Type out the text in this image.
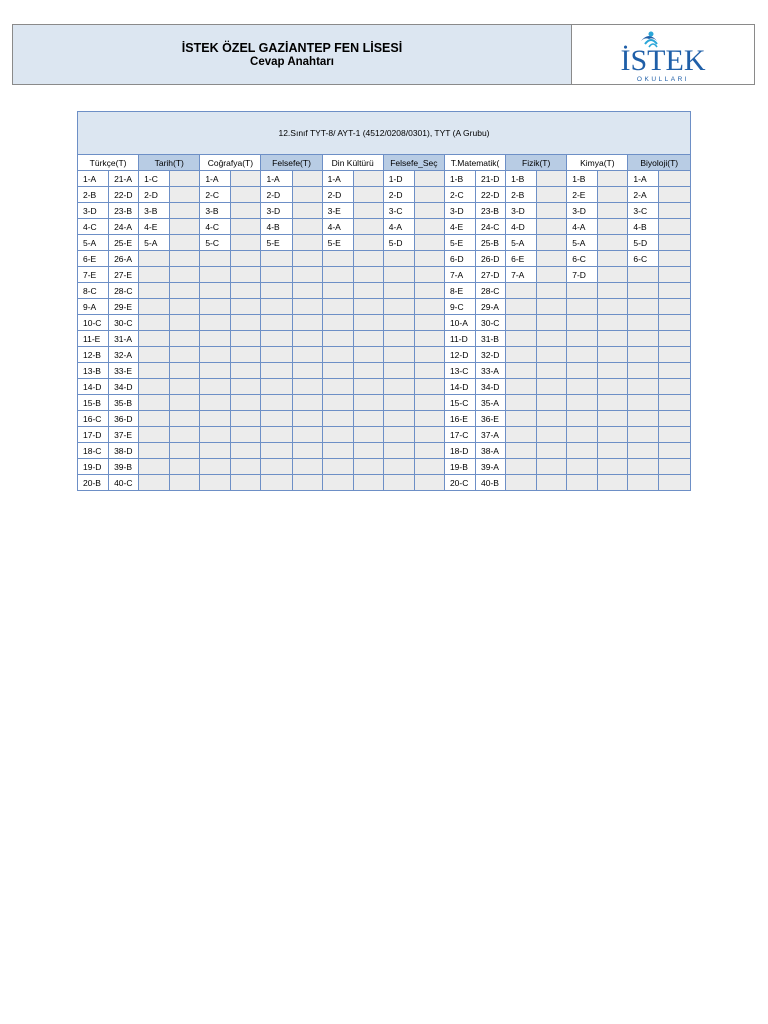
İSTEK ÖZEL GAZİANTEP FEN LİSESİ
Cevap Anahtarı	İSTEK
OKULLARI
12.Sınıf TYT-8/ AYT-1 (4512/0208/0301), TYT (A Grubu)																			
Türkçe(T)		Tarih(T)		Coğrafya(T)		Felsefe(T)		Din Kültürü		Felsefe_Seç		T.Matematik(		Fizik(T)		Kimya(T)		Biyoloji(T)	
1-A	21-A	1-C		1-A		1-A		1-A		1-D		1-B	21-D	1-B		1-B		1-A	
2-B	22-D	2-D		2-C		2-D		2-D		2-D		2-C	22-D	2-B		2-E		2-A	
3-D	23-B	3-B		3-B		3-D		3-E		3-C		3-D	23-B	3-D		3-D		3-C	
4-C	24-A	4-E		4-C		4-B		4-A		4-A		4-E	24-C	4-D		4-A		4-B	
5-A	25-E	5-A		5-C		5-E		5-E		5-D		5-E	25-B	5-A		5-A		5-D	
6-E	26-A											6-D	26-D	6-E		6-C		6-C	
7-E	27-E											7-A	27-D	7-A		7-D			
8-C	28-C											8-E	28-C						
9-A	29-E											9-C	29-A						
10-C	30-C											10-A	30-C						
11-E	31-A											11-D	31-B						
12-B	32-A											12-D	32-D						
13-B	33-E											13-C	33-A						
14-D	34-D											14-D	34-D						
15-B	35-B											15-C	35-A						
16-C	36-D											16-E	36-E						
17-D	37-E											17-C	37-A						
18-C	38-D											18-D	38-A						
19-D	39-B											19-B	39-A						
20-B	40-C											20-C	40-B						
